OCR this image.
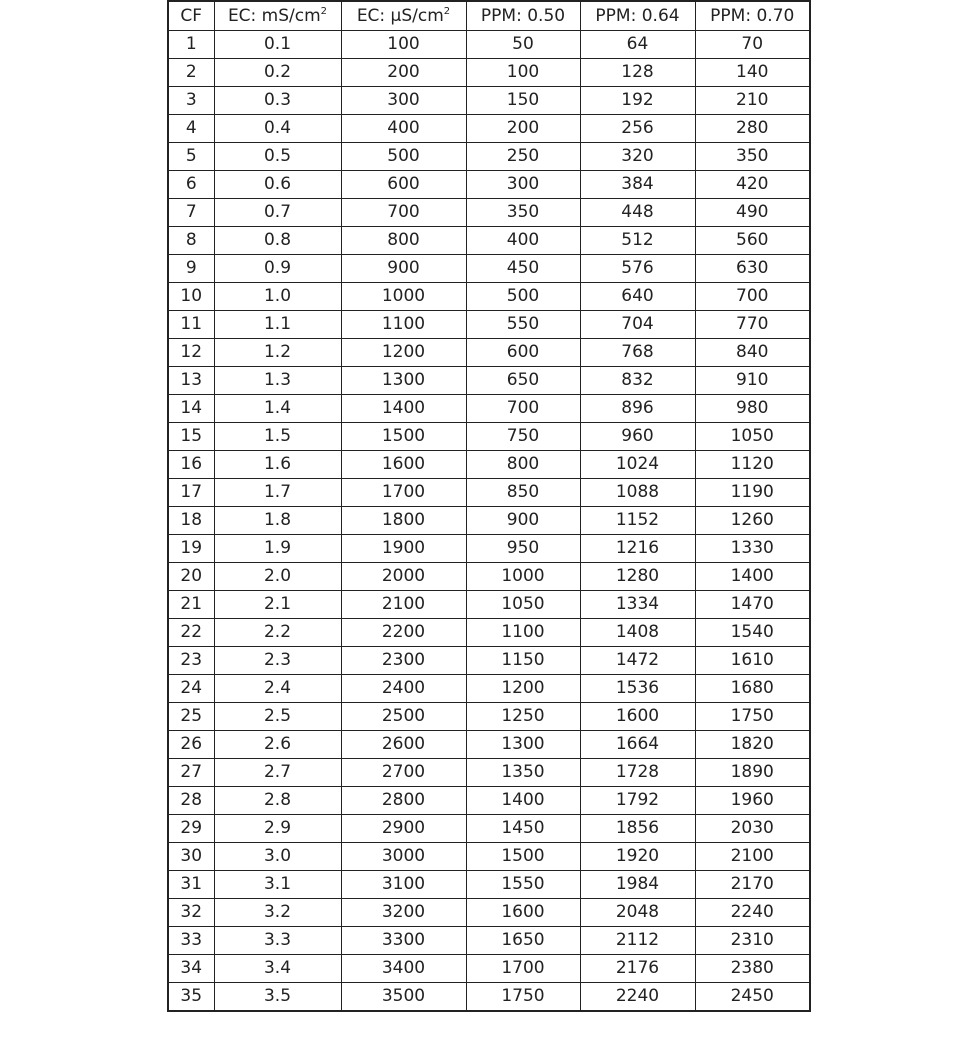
CF	EC: $mS/cm^2$	EC: $\mu S/cm^2$	PPM: 0.50	PPM: 0.64	PPM: 0.70
1	0.1	100	50	64	70
2	0.2	200	100	128	140
3	0.3	300	150	192	210
4	0.4	400	200	256	280
5	0.5	500	250	320	350
6	0.6	600	300	384	420
7	0.7	700	350	448	490
8	0.8	800	400	512	560
9	0.9	900	450	576	630
10	1.0	1000	500	640	700
11	1.1	1100	550	704	770
12	1.2	1200	600	768	840
13	1.3	1300	650	832	910
14	1.4	1400	700	896	980
15	1.5	1500	750	960	1050
16	1.6	1600	800	1024	1120
17	1.7	1700	850	1088	1190
18	1.8	1800	900	1152	1260
19	1.9	1900	950	1216	1330
20	2.0	2000	1000	1280	1400
21	2.1	2100	1050	1334	1470
22	2.2	2200	1100	1408	1540
23	2.3	2300	1150	1472	1610
24	2.4	2400	1200	1536	1680
25	2.5	2500	1250	1600	1750
26	2.6	2600	1300	1664	1820
27	2.7	2700	1350	1728	1890
28	2.8	2800	1400	1792	1960
29	2.9	2900	1450	1856	2030
30	3.0	3000	1500	1920	2100
31	3.1	3100	1550	1984	2170
32	3.2	3200	1600	2048	2240
33	3.3	3300	1650	2112	2310
34	3.4	3400	1700	2176	2380
35	3.5	3500	1750	2240	2450
